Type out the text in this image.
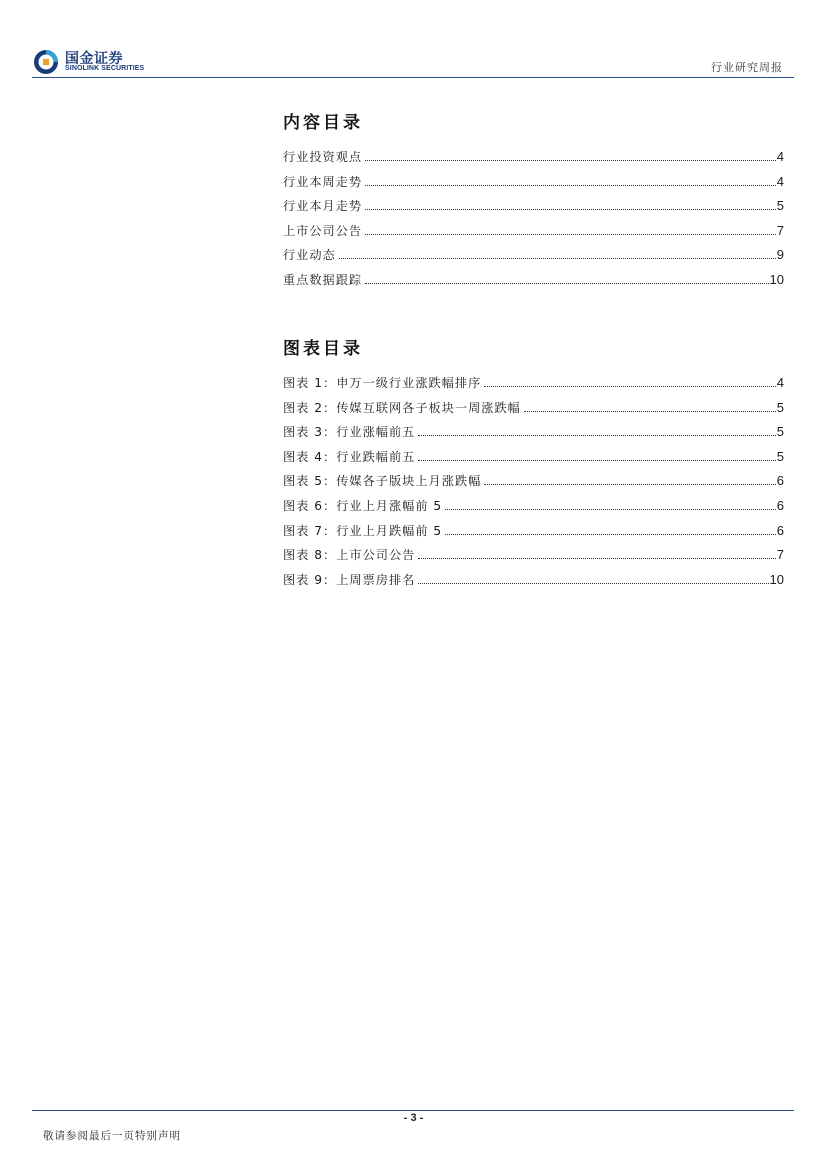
国金证券
SINOLINK SECURITIES	行业研究周报
内容目录
行业投资观点	4
行业本周走势	4
行业本月走势	5
上市公司公告	7
行业动态	9
重点数据跟踪	10
图表目录
图表 1：申万一级行业涨跌幅排序	4
图表 2：传媒互联网各子板块一周涨跌幅	5
图表 3：行业涨幅前五	5
图表 4：行业跌幅前五	5
图表 5：传媒各子版块上月涨跌幅	6
图表 6：行业上月涨幅前 5	6
图表 7：行业上月跌幅前 5	6
图表 8：上市公司公告	7
图表 9：上周票房排名	10
- 3 -
敬请参阅最后一页特别声明
